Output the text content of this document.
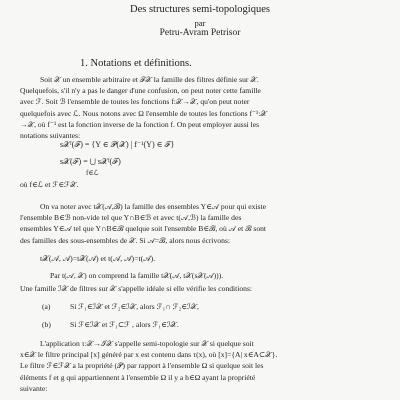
Des structures semi-topologiques
par
Petru-Avram Petrisor
1. Notations et définitions.
Soit 𝒳 un ensemble arbitraire et ℱ𝒳 la famille des filtres définie sur 𝒳.
Quelquefois, s'il n'y a pas le danger d'une confusion, on peut noter cette famille
avec ℱ. Soit ℬ l'ensemble de toutes les fonctions f:𝒳→𝒳, qu'on peut noter
quelquefois avec ℒ. Nous notons avec Ω l'ensemble de toutes les fonctions f⁻¹:𝒳
→𝒳, où f⁻¹ est la fonction inverse de la fonction f. On peut employer aussi les
notations suivantes:
s𝒳ᶠ(ℱ) = {Y ∈ 𝒫(𝒳) | f⁻¹(Y) ∈ ℱ}
s𝒳(ℱ) = ⋃ s𝒳ᶠ(ℱ)
f∈ℒ
où f∈ℒ et ℱ∈ℱ𝒳.
On va noter avec t𝒳(𝒜,ℬ) la famille des ensembles Y∈𝒜 pour qui existe
l'ensemble B∈ℬ non-vide tel que Y∩B∈ℬ et avec t(𝒜,ℬ) la famille des
ensembles Y∈𝒜 tel que Y∩B∈ℬ quelque soit l'ensemble B∈ℬ, où 𝒜 et ℬ sont
des familles des sous-ensembles de 𝒳. Si 𝒜=ℬ, alors nous écrivons:
t𝒳(𝒜, 𝒜)=t𝒳(𝒜) et t(𝒜, 𝒜)=t(𝒜).
Par t(𝒜, 𝒳) on comprend la famille t𝒳(𝒜, t𝒳(s𝒳(𝒜))).
Une famille ℐ𝒳 de filtres sur 𝒳 s'appelle idéale si elle vérifie les conditions:
(a)	Si ℱ₁∈ℐ𝒳 et ℱ₂∈ℐ𝒳, alors ℱ₁∩ ℱ₂∈ℐ𝒳,
(b)	Si ℱ∈ℐ𝒳 et ℱ₁⊂ℱ , alors ℱ₁∈ℐ𝒳.
L'application τ:𝒳→ℐ𝒳 s'appelle semi-topologie sur 𝒳 si quelque soit
x∈𝒳 le filtre principal [x] généré par x est contenu dans τ(x), où [x]={A| x∈A⊂𝒳}.
Le filtre ℱ∈ℱ𝒳 a la propriété (𝒫) par rapport à l'ensemble Ω si quelque soit les
éléments f et g qui appartiennent à l'ensemble Ω il y a h∈Ω ayant la propriété
suivante:
